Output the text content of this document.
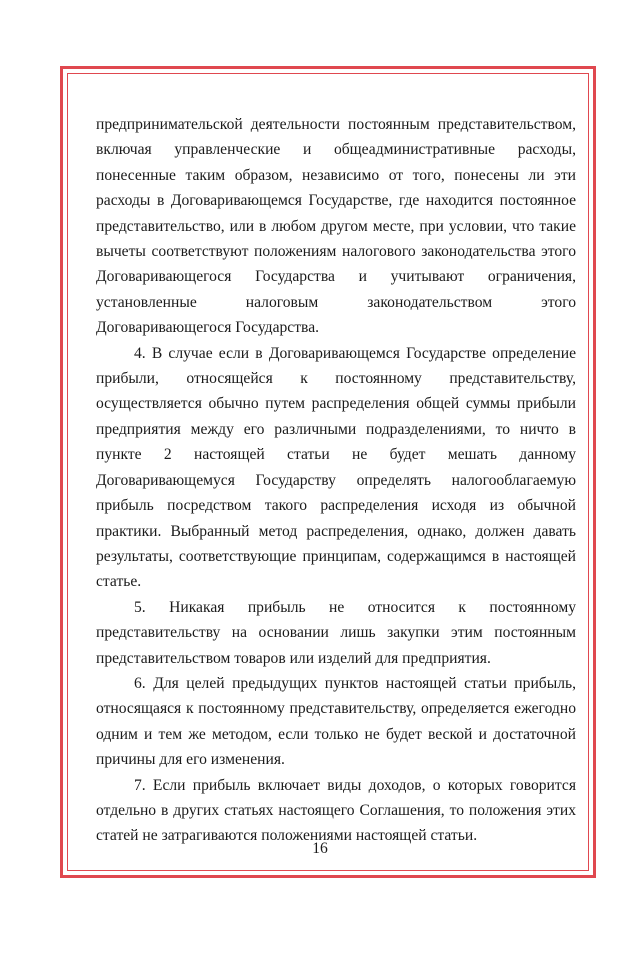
предпринимательской деятельности постоянным представительством, включая управленческие и общеадминистративные расходы, понесенные таким образом, независимо от того, понесены ли эти расходы в Договаривающемся Государстве, где находится постоянное представительство, или в любом другом месте, при условии, что такие вычеты соответствуют положениям налогового законодательства этого Договаривающегося Государства и учитывают ограничения, установленные налоговым законодательством этого Договаривающегося Государства.

4. В случае если в Договаривающемся Государстве определение прибыли, относящейся к постоянному представительству, осуществляется обычно путем распределения общей суммы прибыли предприятия между его различными подразделениями, то ничто в пункте 2 настоящей статьи не будет мешать данному Договаривающемуся Государству определять налогооблагаемую прибыль посредством такого распределения исходя из обычной практики. Выбранный метод распределения, однако, должен давать результаты, соответствующие принципам, содержащимся в настоящей статье.

5. Никакая прибыль не относится к постоянному представительству на основании лишь закупки этим постоянным представительством товаров или изделий для предприятия.

6. Для целей предыдущих пунктов настоящей статьи прибыль, относящаяся к постоянному представительству, определяется ежегодно одним и тем же методом, если только не будет веской и достаточной причины для его изменения.

7. Если прибыль включает виды доходов, о которых говорится отдельно в других статьях настоящего Соглашения, то положения этих статей не затрагиваются положениями настоящей статьи.

16
